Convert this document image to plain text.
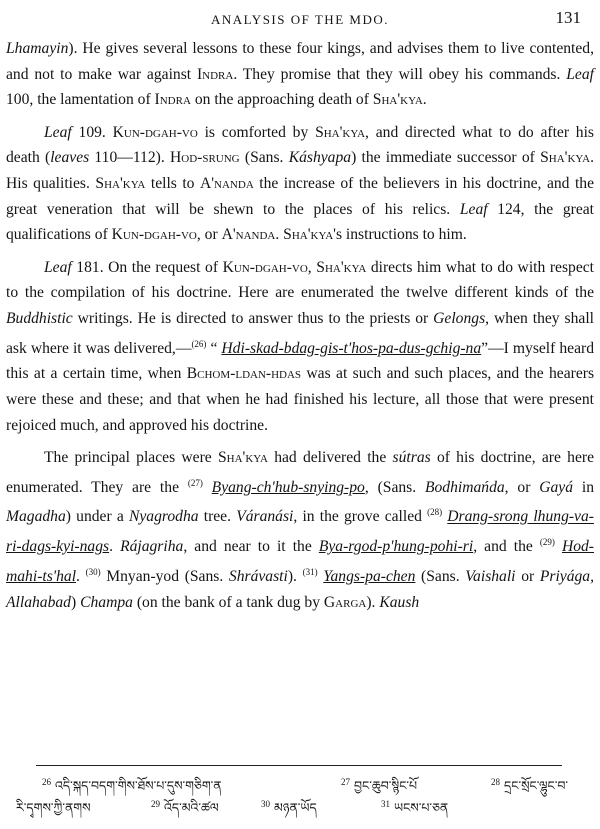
ANALYSIS OF THE MDO.	131

Lhamayin). He gives several lessons to these four kings, and advises them to live contented, and not to make war against Indra. They promise that they will obey his commands. Leaf 100, the lamentation of Indra on the approaching death of Sha'kya.

Leaf 109. Kun-dgah-vo is comforted by Sha'kya, and directed what to do after his death (leaves 110—112). Hod-srung (Sans. Káshyapa) the immediate successor of Sha'kya. His qualities. Sha'kya tells to A'nanda the increase of the believers in his doctrine, and the great veneration that will be shewn to the places of his relics. Leaf 124, the great qualifications of Kun-dgah-vo, or A'nanda. Sha'kya's instructions to him.

Leaf 181. On the request of Kun-dgah-vo, Sha'kya directs him what to do with respect to the compilation of his doctrine. Here are enumerated the twelve different kinds of the Buddhistic writings. He is directed to answer thus to the priests or Gelongs, when they shall ask where it was delivered,—$^{(26)}$ “ Hdi-skad-bdag-gis-t'hos-pa-dus-gchig-na”—I myself heard this at a certain time, when Bchom-ldan-hdas was at such and such places, and the hearers were these and these; and that when he had finished his lecture, all those that were present rejoiced much, and approved his doctrine.

The principal places were Sha'kya had delivered the sútras of his doctrine, are here enumerated. They are the $^{(27)}$ Byang-ch'hub-snying-po, (Sans. Bodhimańda, or Gayá in Magadha) under a Nyagrodha tree. Váranási, in the grove called $^{(28)}$ Drang-srong lhung-va-ri-dags-kyi-nags. Rájagriha, and near to it the Bya-rgod-p'hung-pohi-ri, and the $^{(29)}$ Hod-mahi-ts'hal. $^{(30)}$ Mnyan-yod (Sans. Shrávasti). $^{(31)}$ Yangs-pa-chen (Sans. Vaishali or Priyága, Allahabad) Champa (on the bank of a tank dug by Garga). Kaush

$^{26}$ འདི་སྐད་བདག་གིས་ཐོས་པ་དུས་གཅིག་ན	$^{27}$ བྱང་ཆུབ་སྙིང་པོ	$^{28}$ དྲང་སྲོང་ལྷུང་བ་
རི་དྭགས་ཀྱི་ནགས	$^{29}$ འོད་མའི་ཚལ	$^{30}$ མཉན་ཡོད	$^{31}$ ཡངས་པ་ཅན
